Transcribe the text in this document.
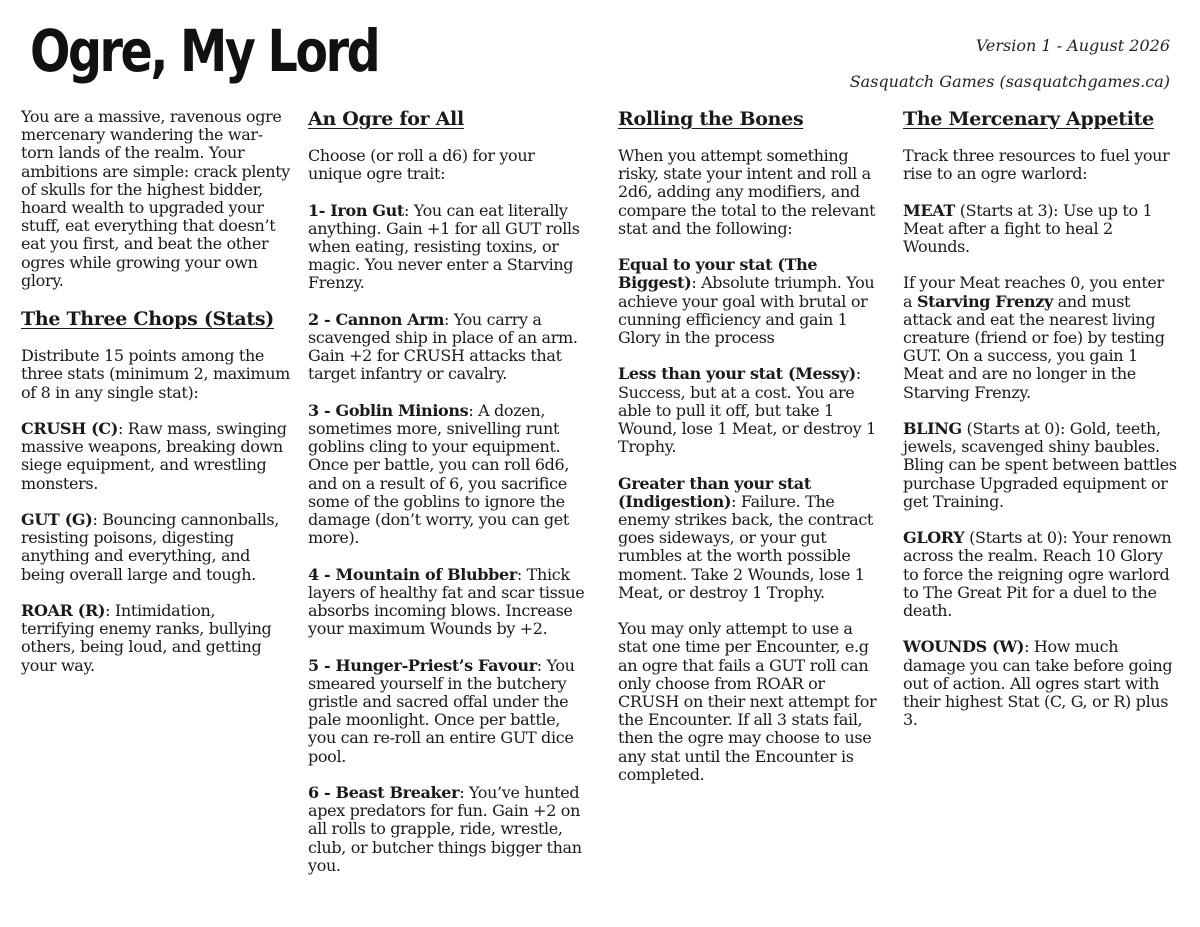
Ogre, My Lord	Version 1 - August 2026

Sasquatch Games (sasquatchgames.ca)

You are a massive, ravenous ogre mercenary wandering the war-torn lands of the realm. Your ambitions are simple: crack plenty of skulls for the highest bidder, hoard wealth to upgraded your stuff, eat everything that doesn’t eat you first, and beat the other ogres while growing your own glory.

The Three Chops (Stats)

Distribute 15 points among the three stats (minimum 2, maximum of 8 in any single stat):

CRUSH (C): Raw mass, swinging massive weapons, breaking down siege equipment, and wrestling monsters.

GUT (G): Bouncing cannonballs, resisting poisons, digesting anything and everything, and being overall large and tough.

ROAR (R): Intimidation, terrifying enemy ranks, bullying others, being loud, and getting your way.

An Ogre for All

Choose (or roll a d6) for your unique ogre trait:

1- Iron Gut: You can eat literally anything. Gain +1 for all GUT rolls when eating, resisting toxins, or magic. You never enter a Starving Frenzy.

2 - Cannon Arm: You carry a scavenged ship in place of an arm. Gain +2 for CRUSH attacks that target infantry or cavalry.

3 - Goblin Minions: A dozen, sometimes more, snivelling runt goblins cling to your equipment. Once per battle, you can roll 6d6, and on a result of 6, you sacrifice some of the goblins to ignore the damage (don’t worry, you can get more).

4 - Mountain of Blubber: Thick layers of healthy fat and scar tissue absorbs incoming blows. Increase your maximum Wounds by +2.

5 - Hunger-Priest’s Favour: You smeared yourself in the butchery gristle and sacred offal under the pale moonlight. Once per battle, you can re-roll an entire GUT dice pool.

6 - Beast Breaker: You’ve hunted apex predators for fun. Gain +2 on all rolls to grapple, ride, wrestle, club, or butcher things bigger than you.

Rolling the Bones

When you attempt something risky, state your intent and roll a 2d6, adding any modifiers, and compare the total to the relevant stat and the following:

Equal to your stat (The Biggest): Absolute triumph. You achieve your goal with brutal or cunning efficiency and gain 1 Glory in the process

Less than your stat (Messy): Success, but at a cost. You are able to pull it off, but take 1 Wound, lose 1 Meat, or destroy 1 Trophy.

Greater than your stat (Indigestion): Failure. The enemy strikes back, the contract goes sideways, or your gut rumbles at the worth possible moment. Take 2 Wounds, lose 1 Meat, or destroy 1 Trophy.

You may only attempt to use a stat one time per Encounter, e.g an ogre that fails a GUT roll can only choose from ROAR or CRUSH on their next attempt for the Encounter. If all 3 stats fail, then the ogre may choose to use any stat until the Encounter is completed.

The Mercenary Appetite

Track three resources to fuel your rise to an ogre warlord:

MEAT (Starts at 3): Use up to 1 Meat after a fight to heal 2 Wounds.

If your Meat reaches 0, you enter a Starving Frenzy and must attack and eat the nearest living creature (friend or foe) by testing GUT. On a success, you gain 1 Meat and are no longer in the Starving Frenzy.

BLING (Starts at 0): Gold, teeth, jewels, scavenged shiny baubles. Bling can be spent between battles purchase Upgraded equipment or get Training.

GLORY (Starts at 0): Your renown across the realm. Reach 10 Glory to force the reigning ogre warlord to The Great Pit for a duel to the death.

WOUNDS (W): How much damage you can take before going out of action. All ogres start with their highest Stat (C, G, or R) plus 3.
